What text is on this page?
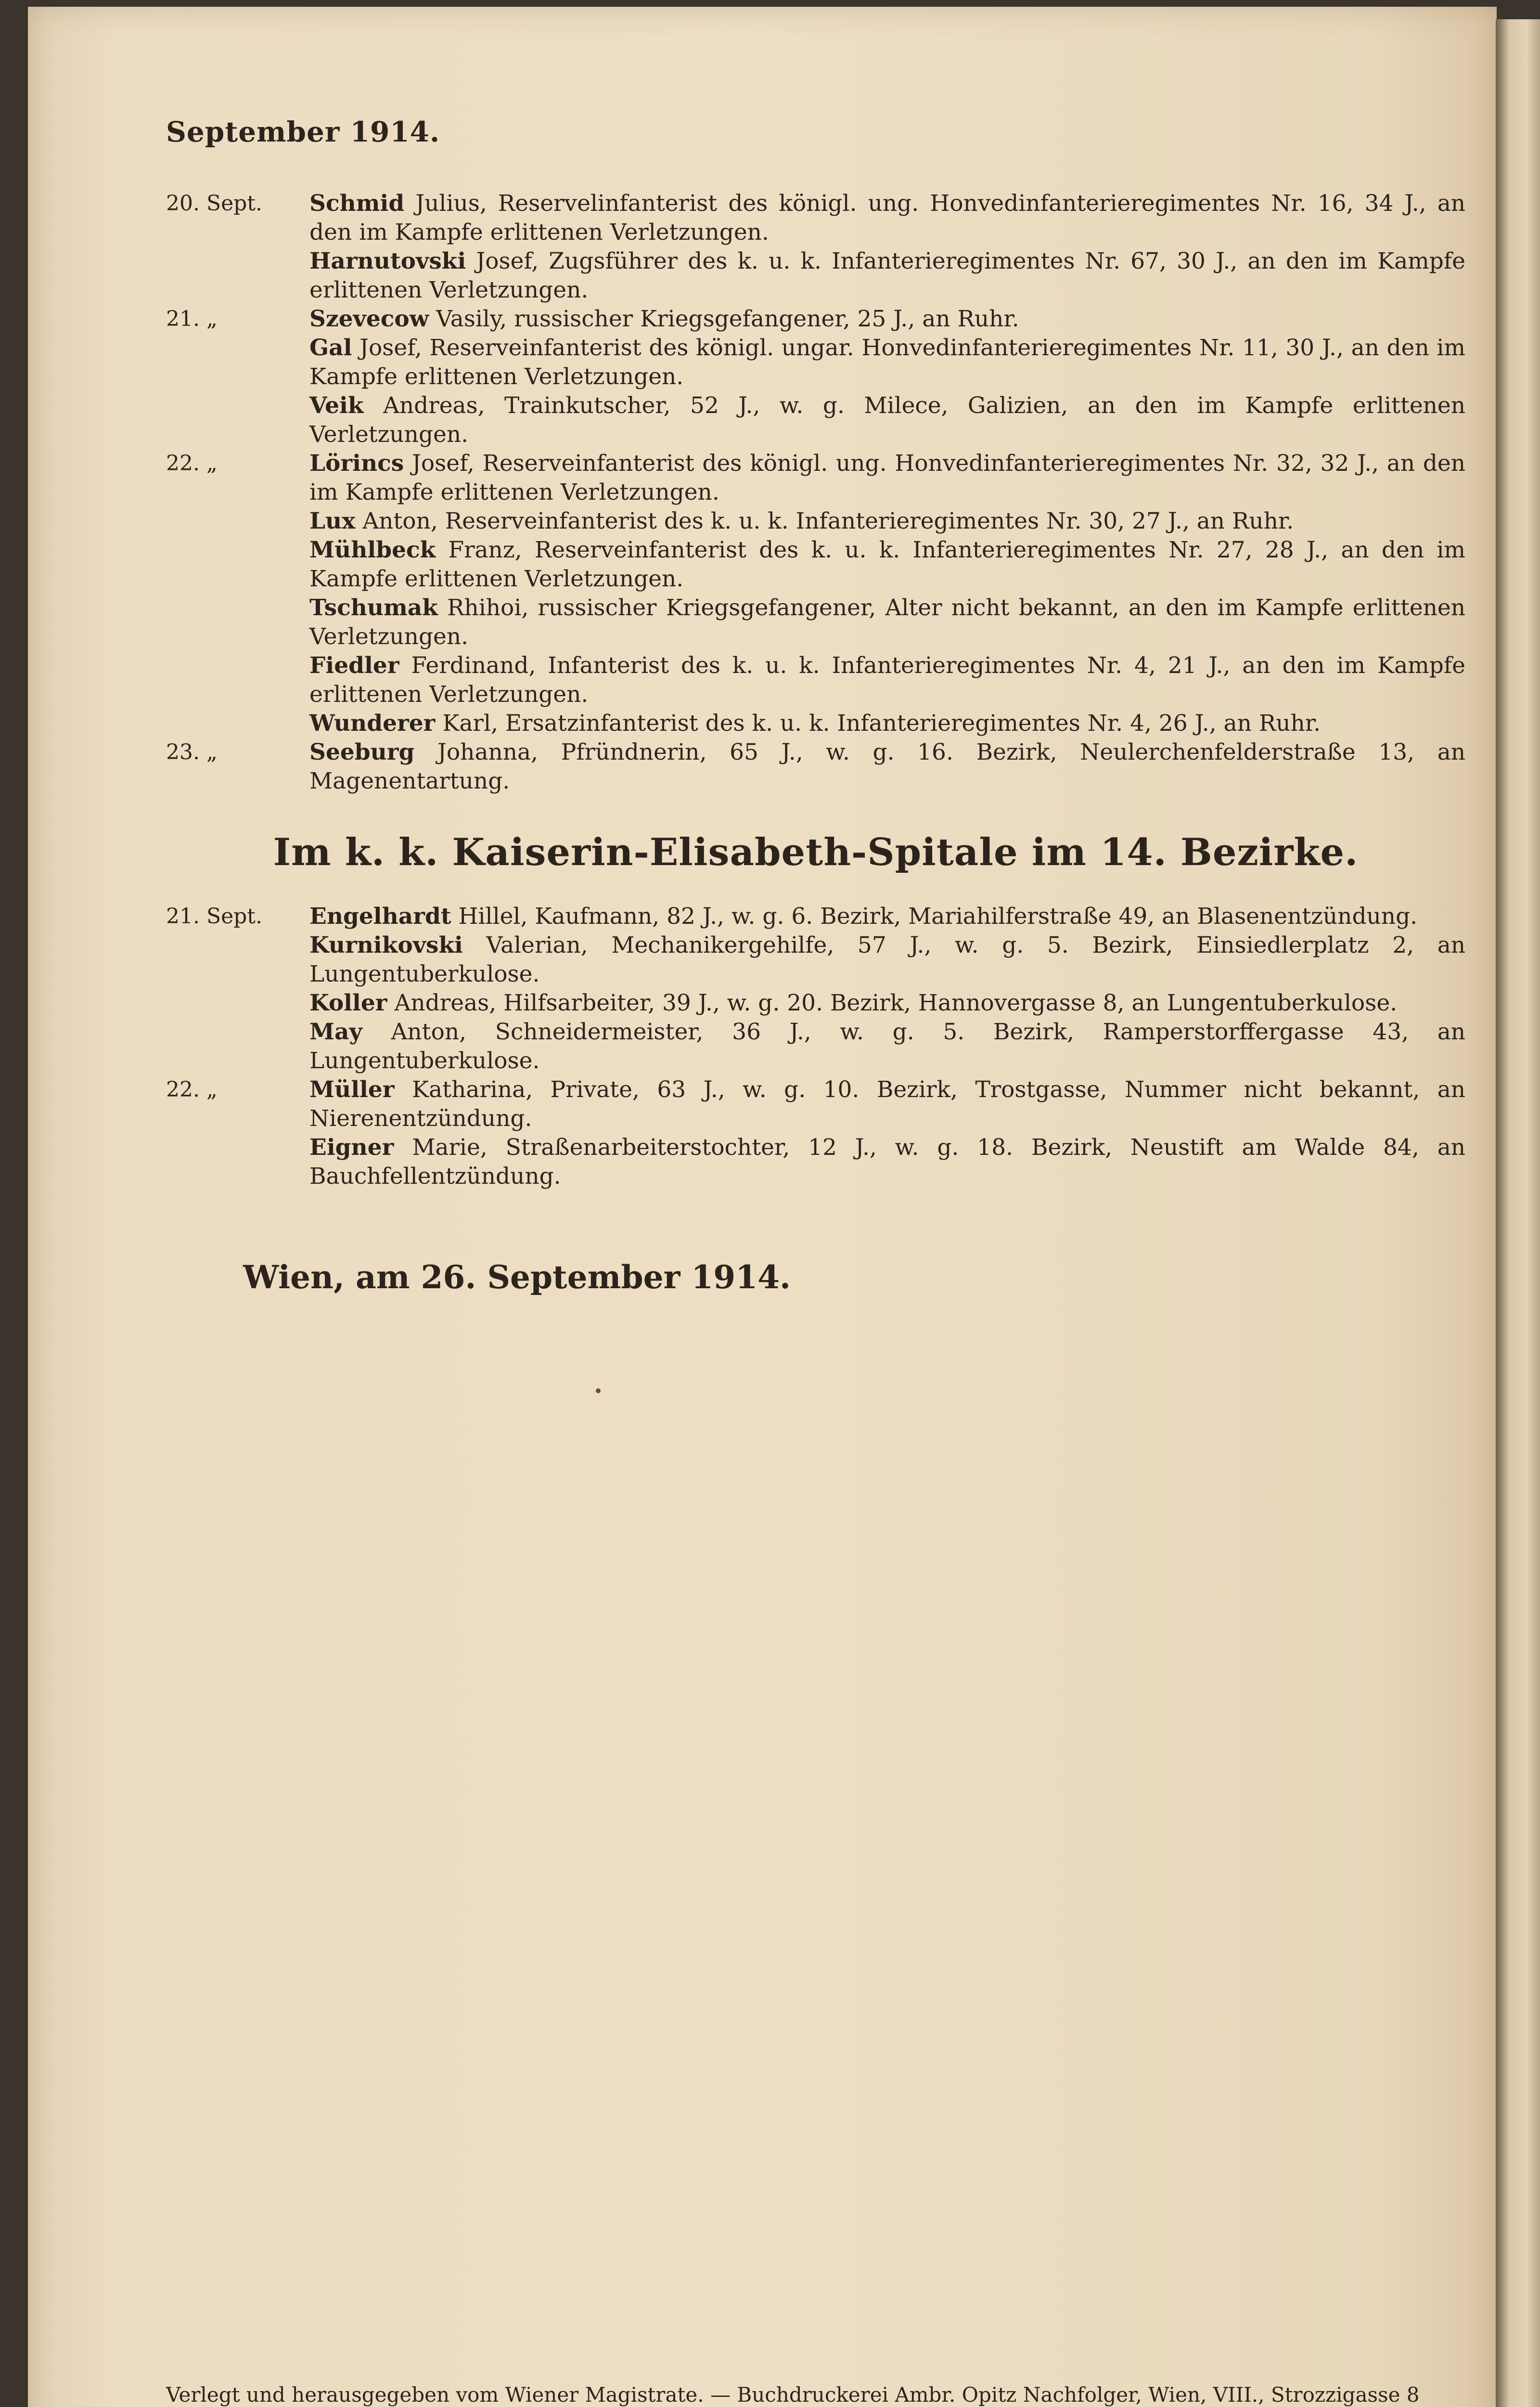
September 1914.
20. Sept.	Schmid Julius, Reservelinfanterist des königl. ung. Honvedinfanterieregimentes Nr. 16, 34 J., an den im Kampfe erlittenen Verletzungen.
Harnutovski Josef, Zugsführer des k. u. k. Infanterieregimentes Nr. 67, 30 J., an den im Kampfe erlittenen Verletzungen.
21. „	Szevecow Vasily, russischer Kriegsgefangener, 25 J., an Ruhr.
Gal Josef, Reserveinfanterist des königl. ungar. Honvedinfanterieregimentes Nr. 11, 30 J., an den im Kampfe erlittenen Verletzungen.
Veik Andreas, Trainkutscher, 52 J., w. g. Milece, Galizien, an den im Kampfe erlittenen Verletzungen.
22. „	Lörincs Josef, Reserveinfanterist des königl. ung. Honvedinfanterieregimentes Nr. 32, 32 J., an den im Kampfe erlittenen Verletzungen.
Lux Anton, Reserveinfanterist des k. u. k. Infanterieregimentes Nr. 30, 27 J., an Ruhr.
Mühlbeck Franz, Reserveinfanterist des k. u. k. Infanterieregimentes Nr. 27, 28 J., an den im Kampfe erlittenen Verletzungen.
Tschumak Rhihoi, russischer Kriegsgefangener, Alter nicht bekannt, an den im Kampfe erlittenen Verletzungen.
Fiedler Ferdinand, Infanterist des k. u. k. Infanterieregimentes Nr. 4, 21 J., an den im Kampfe erlittenen Verletzungen.
Wunderer Karl, Ersatzinfanterist des k. u. k. Infanterieregimentes Nr. 4, 26 J., an Ruhr.
23. „	Seeburg Johanna, Pfründnerin, 65 J., w. g. 16. Bezirk, Neulerchenfelderstraße 13, an Magenentartung.
Im k. k. Kaiserin-Elisabeth-Spitale im 14. Bezirke.
21. Sept.	Engelhardt Hillel, Kaufmann, 82 J., w. g. 6. Bezirk, Mariahilferstraße 49, an Blasenentzündung.
Kurnikovski Valerian, Mechanikergehilfe, 57 J., w. g. 5. Bezirk, Einsiedlerplatz 2, an Lungentuberkulose.
Koller Andreas, Hilfsarbeiter, 39 J., w. g. 20. Bezirk, Hannovergasse 8, an Lungentuberkulose.
May Anton, Schneidermeister, 36 J., w. g. 5. Bezirk, Ramperstorffergasse 43, an Lungentuberkulose.
22. „	Müller Katharina, Private, 63 J., w. g. 10. Bezirk, Trostgasse, Nummer nicht bekannt, an Nierenentzündung.
Eigner Marie, Straßenarbeiterstochter, 12 J., w. g. 18. Bezirk, Neustift am Walde 84, an Bauchfellentzündung.
Wien, am 26. September 1914.
Verlegt und herausgegeben vom Wiener Magistrate. — Buchdruckerei Ambr. Opitz Nachfolger, Wien, VIII., Strozzigasse 8
